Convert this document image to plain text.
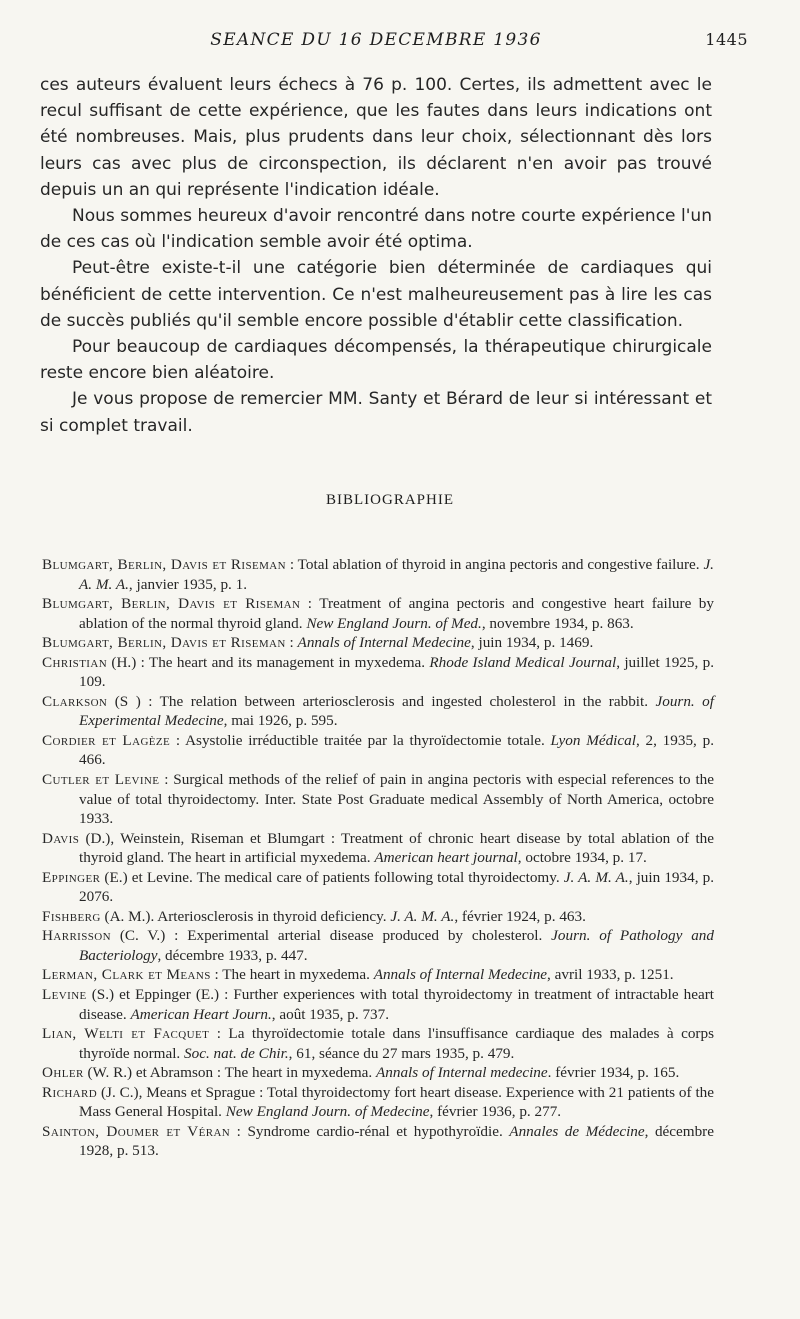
SEANCE DU 16 DECEMBRE 1936	1445

ces auteurs évaluent leurs échecs à 76 p. 100. Certes, ils admettent avec le recul suffisant de cette expérience, que les fautes dans leurs indications ont été nombreuses. Mais, plus prudents dans leur choix, sélectionnant dès lors leurs cas avec plus de circonspection, ils déclarent n'en avoir pas trouvé depuis un an qui représente l'indication idéale.

Nous sommes heureux d'avoir rencontré dans notre courte expérience l'un de ces cas où l'indication semble avoir été optima.

Peut-être existe-t-il une catégorie bien déterminée de cardiaques qui bénéficient de cette intervention. Ce n'est malheureusement pas à lire les cas de succès publiés qu'il semble encore possible d'établir cette classification.

Pour beaucoup de cardiaques décompensés, la thérapeutique chirurgicale reste encore bien aléatoire.

Je vous propose de remercier MM. Santy et Bérard de leur si intéressant et si complet travail.

BIBLIOGRAPHIE

Blumgart, Berlin, Davis et Riseman : Total ablation of thyroid in angina pectoris and congestive failure. J. A. M. A., janvier 1935, p. 1.

Blumgart, Berlin, Davis et Riseman : Treatment of angina pectoris and congestive heart failure by ablation of the normal thyroid gland. New England Journ. of Med., novembre 1934, p. 863.

Blumgart, Berlin, Davis et Riseman : Annals of Internal Medecine, juin 1934, p. 1469.

Christian (H.) : The heart and its management in myxedema. Rhode Island Medical Journal, juillet 1925, p. 109.

Clarkson (S ) : The relation between arteriosclerosis and ingested cholesterol in the rabbit. Journ. of Experimental Medecine, mai 1926, p. 595.

Cordier et Lagèze : Asystolie irréductible traitée par la thyroïdectomie totale. Lyon Médical, 2, 1935, p. 466.

Cutler et Levine : Surgical methods of the relief of pain in angina pectoris with especial references to the value of total thyroidectomy. Inter. State Post Graduate medical Assembly of North America, octobre 1933.

Davis (D.), Weinstein, Riseman et Blumgart : Treatment of chronic heart disease by total ablation of the thyroid gland. The heart in artificial myxedema. American heart journal, octobre 1934, p. 17.

Eppinger (E.) et Levine. The medical care of patients following total thyroidectomy. J. A. M. A., juin 1934, p. 2076.

Fishberg (A. M.). Arteriosclerosis in thyroid deficiency. J. A. M. A., février 1924, p. 463.

Harrisson (C. V.) : Experimental arterial disease produced by cholesterol. Journ. of Pathology and Bacteriology, décembre 1933, p. 447.

Lerman, Clark et Means : The heart in myxedema. Annals of Internal Medecine, avril 1933, p. 1251.

Levine (S.) et Eppinger (E.) : Further experiences with total thyroidectomy in treatment of intractable heart disease. American Heart Journ., août 1935, p. 737.

Lian, Welti et Facquet : La thyroïdectomie totale dans l'insuffisance cardiaque des malades à corps thyroïde normal. Soc. nat. de Chir., 61, séance du 27 mars 1935, p. 479.

Ohler (W. R.) et Abramson : The heart in myxedema. Annals of Internal medecine. février 1934, p. 165.

Richard (J. C.), Means et Sprague : Total thyroidectomy fort heart disease. Experience with 21 patients of the Mass General Hospital. New England Journ. of Medecine, février 1936, p. 277.

Sainton, Doumer et Véran : Syndrome cardio-rénal et hypothyroïdie. Annales de Médecine, décembre 1928, p. 513.
